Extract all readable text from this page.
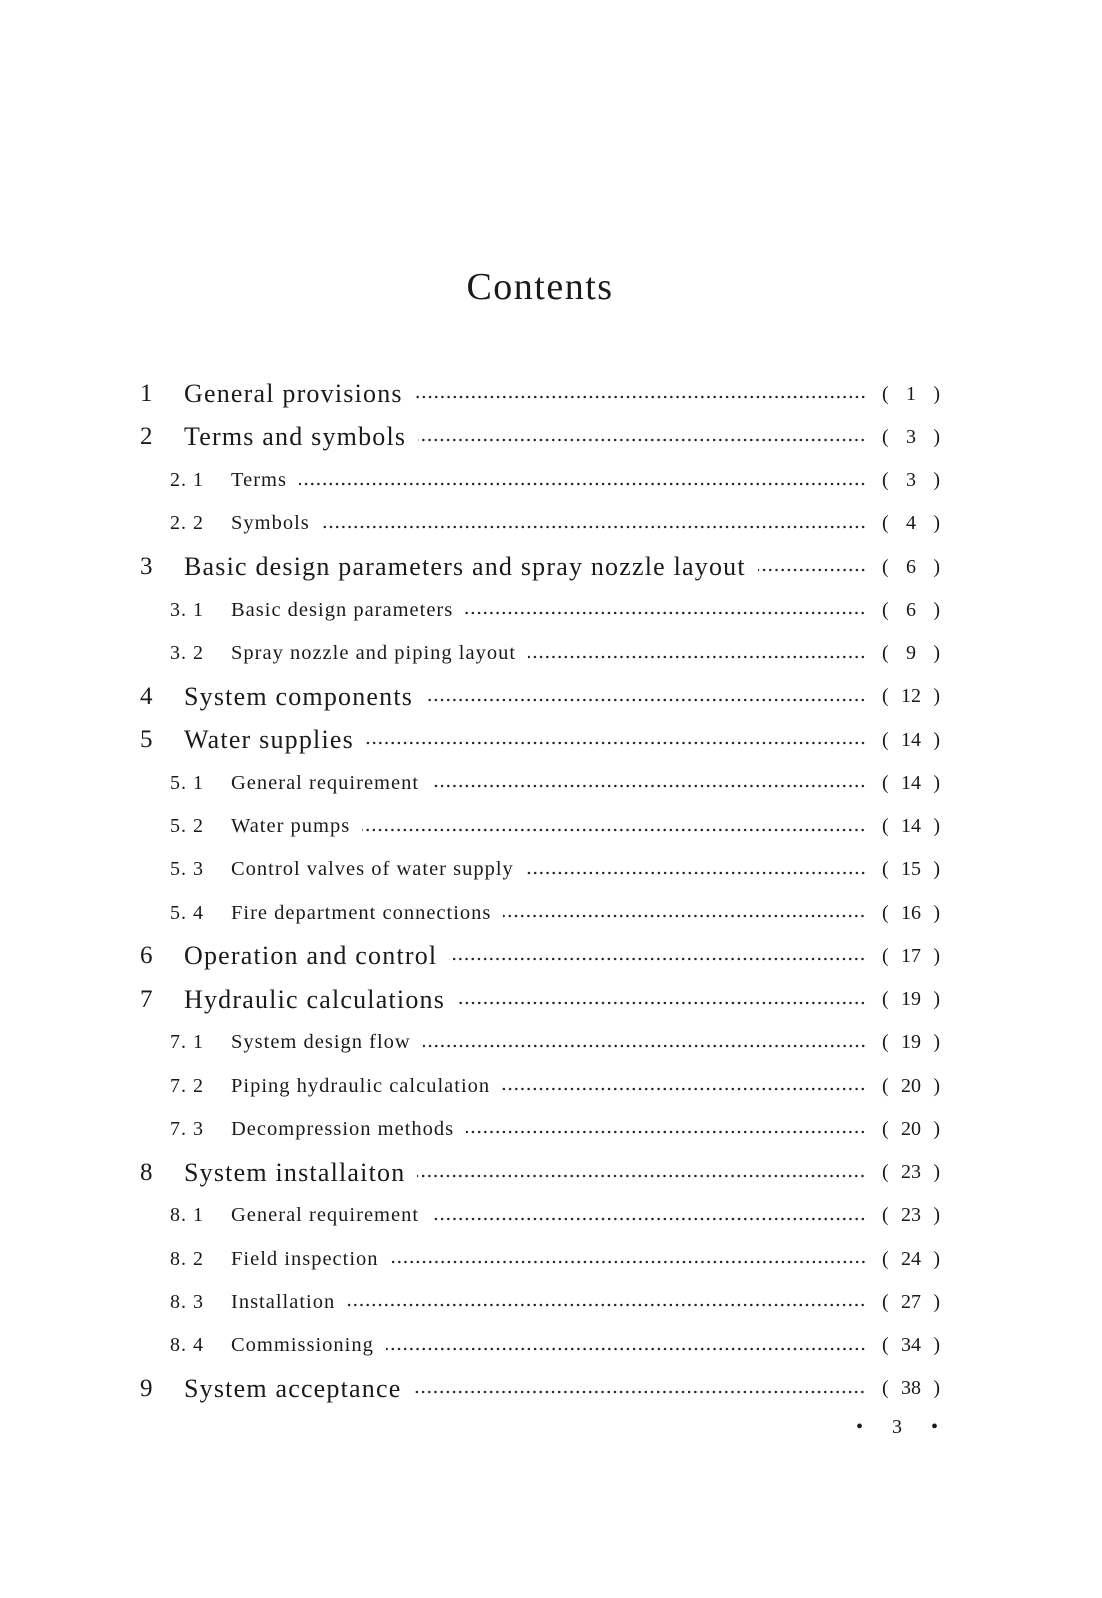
Contents
1	General provisions	( 1 )
2	Terms and symbols	( 3 )
2. 1	Terms	( 3 )
2. 2	Symbols	( 4 )
3	Basic design parameters and spray nozzle layout	( 6 )
3. 1	Basic design parameters	( 6 )
3. 2	Spray nozzle and piping layout	( 9 )
4	System components	( 12 )
5	Water supplies	( 14 )
5. 1	General requirement	( 14 )
5. 2	Water pumps	( 14 )
5. 3	Control valves of water supply	( 15 )
5. 4	Fire department connections	( 16 )
6	Operation and control	( 17 )
7	Hydraulic calculations	( 19 )
7. 1	System design flow	( 19 )
7. 2	Piping hydraulic calculation	( 20 )
7. 3	Decompression methods	( 20 )
8	System installaiton	( 23 )
8. 1	General requirement	( 23 )
8. 2	Field inspection	( 24 )
8. 3	Installation	( 27 )
8. 4	Commissioning	( 34 )
9	System acceptance	( 38 )
• 3 •
